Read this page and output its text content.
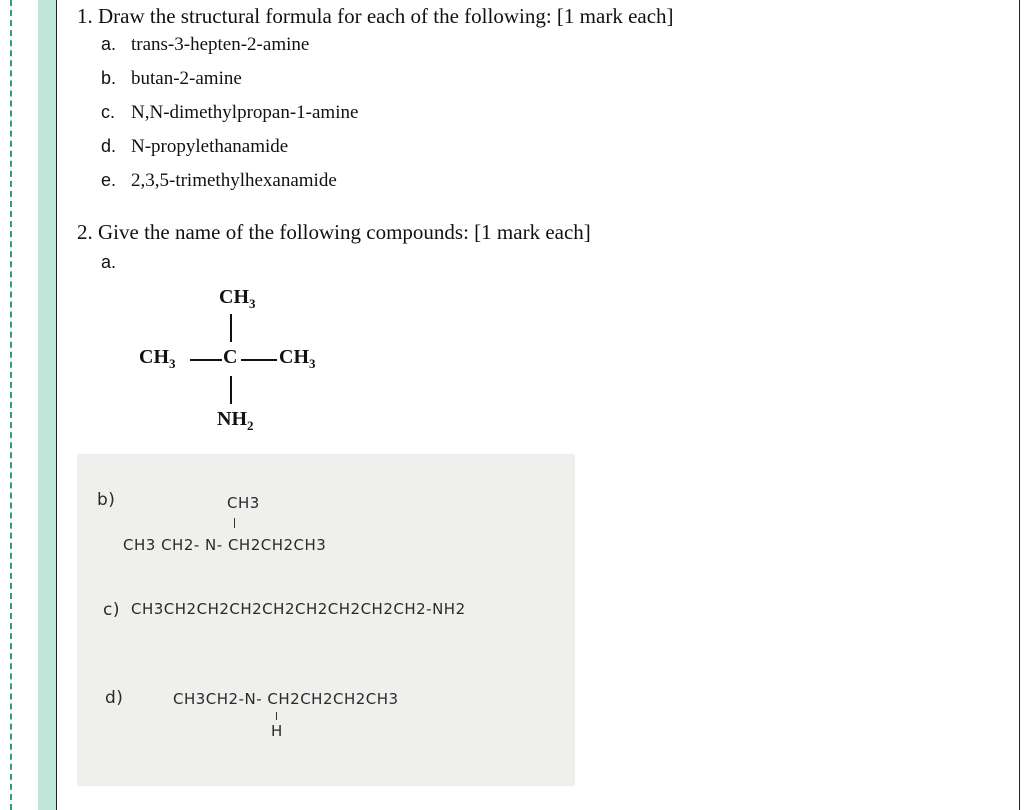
1. Draw the structural formula for each of the following: [1 mark each]
a. trans-3-hepten-2-amine
b. butan-2-amine
c. N,N-dimethylpropan-1-amine
d. N-propylethanamide
e. 2,3,5-trimethylhexanamide
2. Give the name of the following compounds: [1 mark each]
a.
$CH_3$
$CH_3$ C $CH_3$
$NH_2$
b)	CH3
CH3 CH2- N- CH2CH2CH3
c) CH3CH2CH2CH2CH2CH2CH2CH2CH2-NH2
d)	CH3CH2-N- CH2CH2CH2CH3
H
